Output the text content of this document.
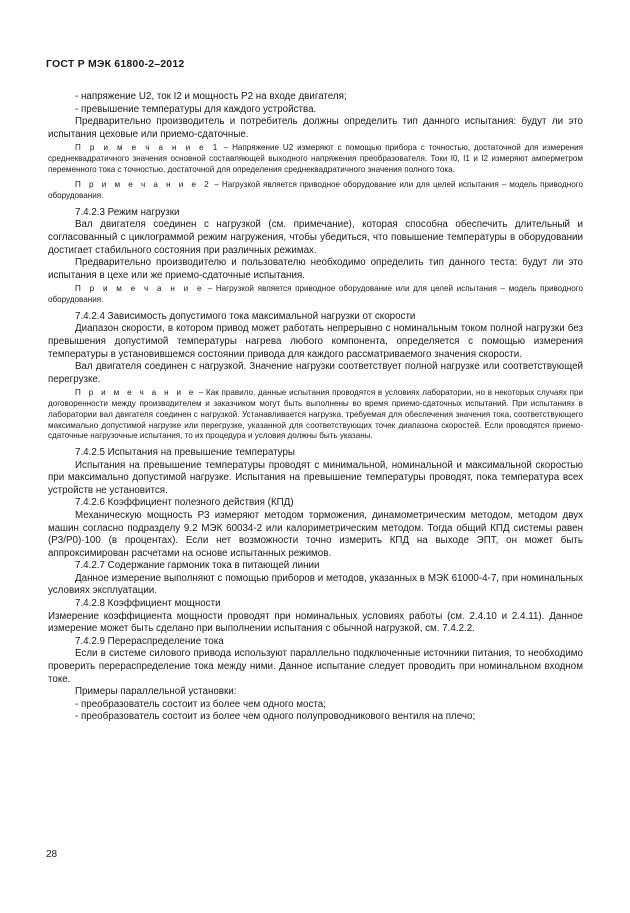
ГОСТ Р МЭК 61800-2–2012

- напряжение U2, ток I2 и мощность P2 на входе двигателя;

- превышение температуры для каждого устройства.

Предварительно производитель и потребитель должны определить тип данного испытания: будут ли это испытания цеховые или приемо-сдаточные.

П р и м е ч а н и е 1 – Напряжение U2 измеряют с помощью прибора с точностью, достаточной для измерения среднеквадратичного значения основной составляющей выходного напряжения преобразователя. Токи I0, I1 и I2 измеряют амперметром переменного тока с точностью, достаточной для определения среднеквадратичного значения полного тока.

П р и м е ч а н и е 2 – Нагрузкой является приводное оборудование или для целей испытания – модель приводного оборудования.

7.4.2.3 Режим нагрузки

Вал двигателя соединен с нагрузкой (см. примечание), которая способна обеспечить длительный и согласованный с циклограммой режим нагружения, чтобы убедиться, что повышение температуры в оборудовании достигает стабильного состояния при различных режимах.

Предварительно производителю и пользователю необходимо определить тип данного теста: будут ли это испытания в цехе или же приемо-сдаточные испытания.

П р и м е ч а н и е – Нагрузкой является приводное оборудование или для целей испытания – модель приводного оборудования.

7.4.2.4 Зависимость допустимого тока максимальной нагрузки от скорости

Диапазон скорости, в котором привод может работать непрерывно с номинальным током полной нагрузки без превышения допустимой температуры нагрева любого компонента, определяется с помощью измерения температуры в установившемся состоянии привода для каждого рассматриваемого значения скорости.

Вал двигателя соединен с нагрузкой. Значение нагрузки соответствует полной нагрузке или соответствующей перегрузке.

П р и м е ч а н и е – Как правило, данные испытания проводятся в условиях лаборатории, но в некоторых случаях при договоренности между производителем и заказчиком могут быть выполнены во время приемо-сдаточных испытаний. При испытаниях в лаборатории вал двигателя соединен с нагрузкой. Устанавливается нагрузка, требуемая для обеспечения значения тока, соответствующего максимально допустимой нагрузке или перегрузке, указанной для соответствующих точек диапазона скоростей. Если проводятся приемо-сдаточные нагрузочные испытания, то их процедура и условия должны быть указаны.

7.4.2.5 Испытания на превышение температуры

Испытания на превышение температуры проводят с минимальной, номинальной и максимальной скоростью при максимально допустимой нагрузке. Испытания на превышение температуры проводят, пока температура всех устройств не установится.

7.4.2.6 Коэффициент полезного действия (КПД)

Механическую мощность P3 измеряют методом торможения, динамометрическим методом, методом двух машин согласно подразделу 9.2 МЭК 60034-2 или калориметрическим методом. Тогда общий КПД системы равен (P3/P0)·100 (в процентах). Если нет возможности точно измерить КПД на выходе ЭПТ, он может быть аппроксимирован расчетами на основе испытанных режимов.

7.4.2.7 Содержание гармоник тока в питающей линии

Данное измерение выполняют с помощью приборов и методов, указанных в МЭК 61000-4-7, при номинальных условиях эксплуатации.

7.4.2.8 Коэффициент мощности

Измерение коэффициента мощности проводят при номинальных условиях работы (см. 2.4.10 и 2.4.11). Данное измерение может быть сделано при выполнении испытания с обычной нагрузкой, см. 7.4.2.2.

7.4.2.9 Перераспределение тока

Если в системе силового привода используют параллельно подключенные источники питания, то необходимо проверить перераспределение тока между ними. Данное испытание следует проводить при номинальном входном токе.

Примеры параллельной установки:

- преобразователь состоит из более чем одного моста;

- преобразователь состоит из более чем одного полупроводникового вентиля на плечо;

28
